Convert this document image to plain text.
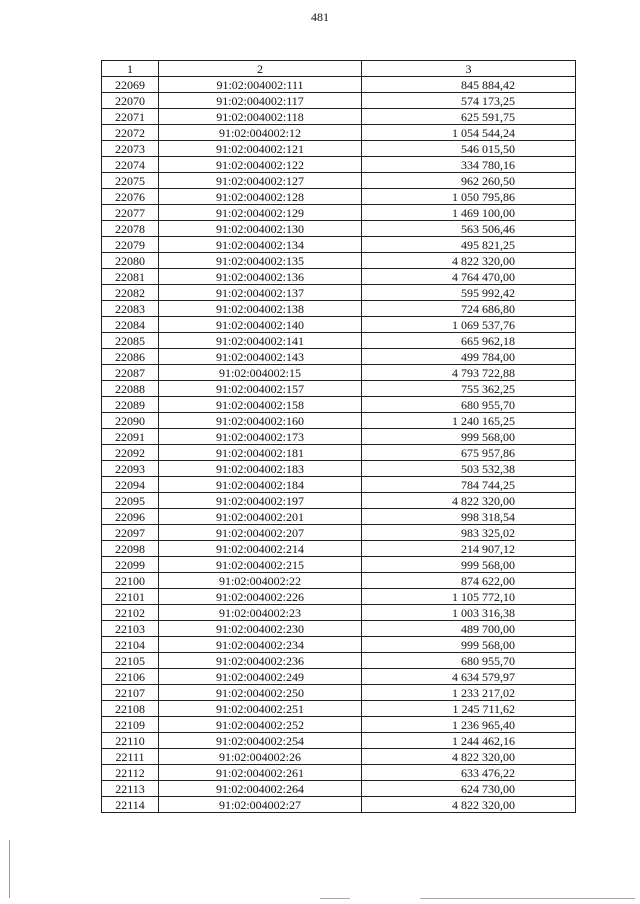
481
1	2	3
22069	91:02:004002:111	845 884,42
22070	91:02:004002:117	574 173,25
22071	91:02:004002:118	625 591,75
22072	91:02:004002:12	1 054 544,24
22073	91:02:004002:121	546 015,50
22074	91:02:004002:122	334 780,16
22075	91:02:004002:127	962 260,50
22076	91:02:004002:128	1 050 795,86
22077	91:02:004002:129	1 469 100,00
22078	91:02:004002:130	563 506,46
22079	91:02:004002:134	495 821,25
22080	91:02:004002:135	4 822 320,00
22081	91:02:004002:136	4 764 470,00
22082	91:02:004002:137	595 992,42
22083	91:02:004002:138	724 686,80
22084	91:02:004002:140	1 069 537,76
22085	91:02:004002:141	665 962,18
22086	91:02:004002:143	499 784,00
22087	91:02:004002:15	4 793 722,88
22088	91:02:004002:157	755 362,25
22089	91:02:004002:158	680 955,70
22090	91:02:004002:160	1 240 165,25
22091	91:02:004002:173	999 568,00
22092	91:02:004002:181	675 957,86
22093	91:02:004002:183	503 532,38
22094	91:02:004002:184	784 744,25
22095	91:02:004002:197	4 822 320,00
22096	91:02:004002:201	998 318,54
22097	91:02:004002:207	983 325,02
22098	91:02:004002:214	214 907,12
22099	91:02:004002:215	999 568,00
22100	91:02:004002:22	874 622,00
22101	91:02:004002:226	1 105 772,10
22102	91:02:004002:23	1 003 316,38
22103	91:02:004002:230	489 700,00
22104	91:02:004002:234	999 568,00
22105	91:02:004002:236	680 955,70
22106	91:02:004002:249	4 634 579,97
22107	91:02:004002:250	1 233 217,02
22108	91:02:004002:251	1 245 711,62
22109	91:02:004002:252	1 236 965,40
22110	91:02:004002:254	1 244 462,16
22111	91:02:004002:26	4 822 320,00
22112	91:02:004002:261	633 476,22
22113	91:02:004002:264	624 730,00
22114	91:02:004002:27	4 822 320,00
